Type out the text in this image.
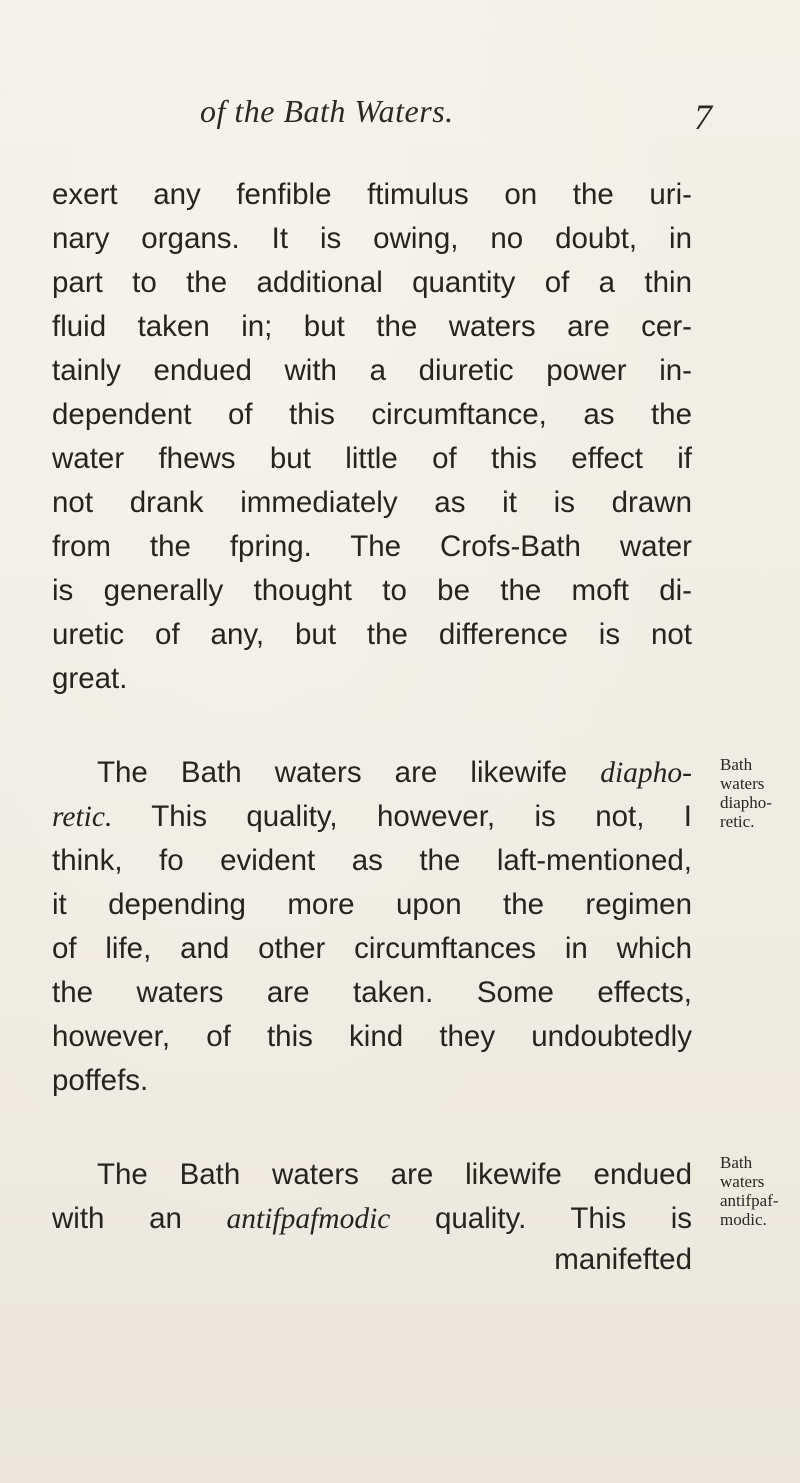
of the Bath Waters.	7
exert any fenfible ftimulus on the uri-
nary organs. It is owing, no doubt, in
part to the additional quantity of a thin
fluid taken in; but the waters are cer-
tainly endued with a diuretic power in-
dependent of this circumftance, as the
water fhews but little of this effect if
not drank immediately as it is drawn
from the fpring. The Crofs-Bath water
is generally thought to be the moft di-
uretic of any, but the difference is not
great.
The Bath waters are likewife diapho-
retic. This quality, however, is not, I
think, fo evident as the laft-mentioned,
it depending more upon the regimen
of life, and other circumftances in which
the waters are taken. Some effects,
however, of this kind they undoubtedly
poffefs.
Bath
waters
diapho-
retic.
The Bath waters are likewife endued
with an antifpafmodic quality. This is
manifefted
Bath
waters
antifpaf-
modic.
